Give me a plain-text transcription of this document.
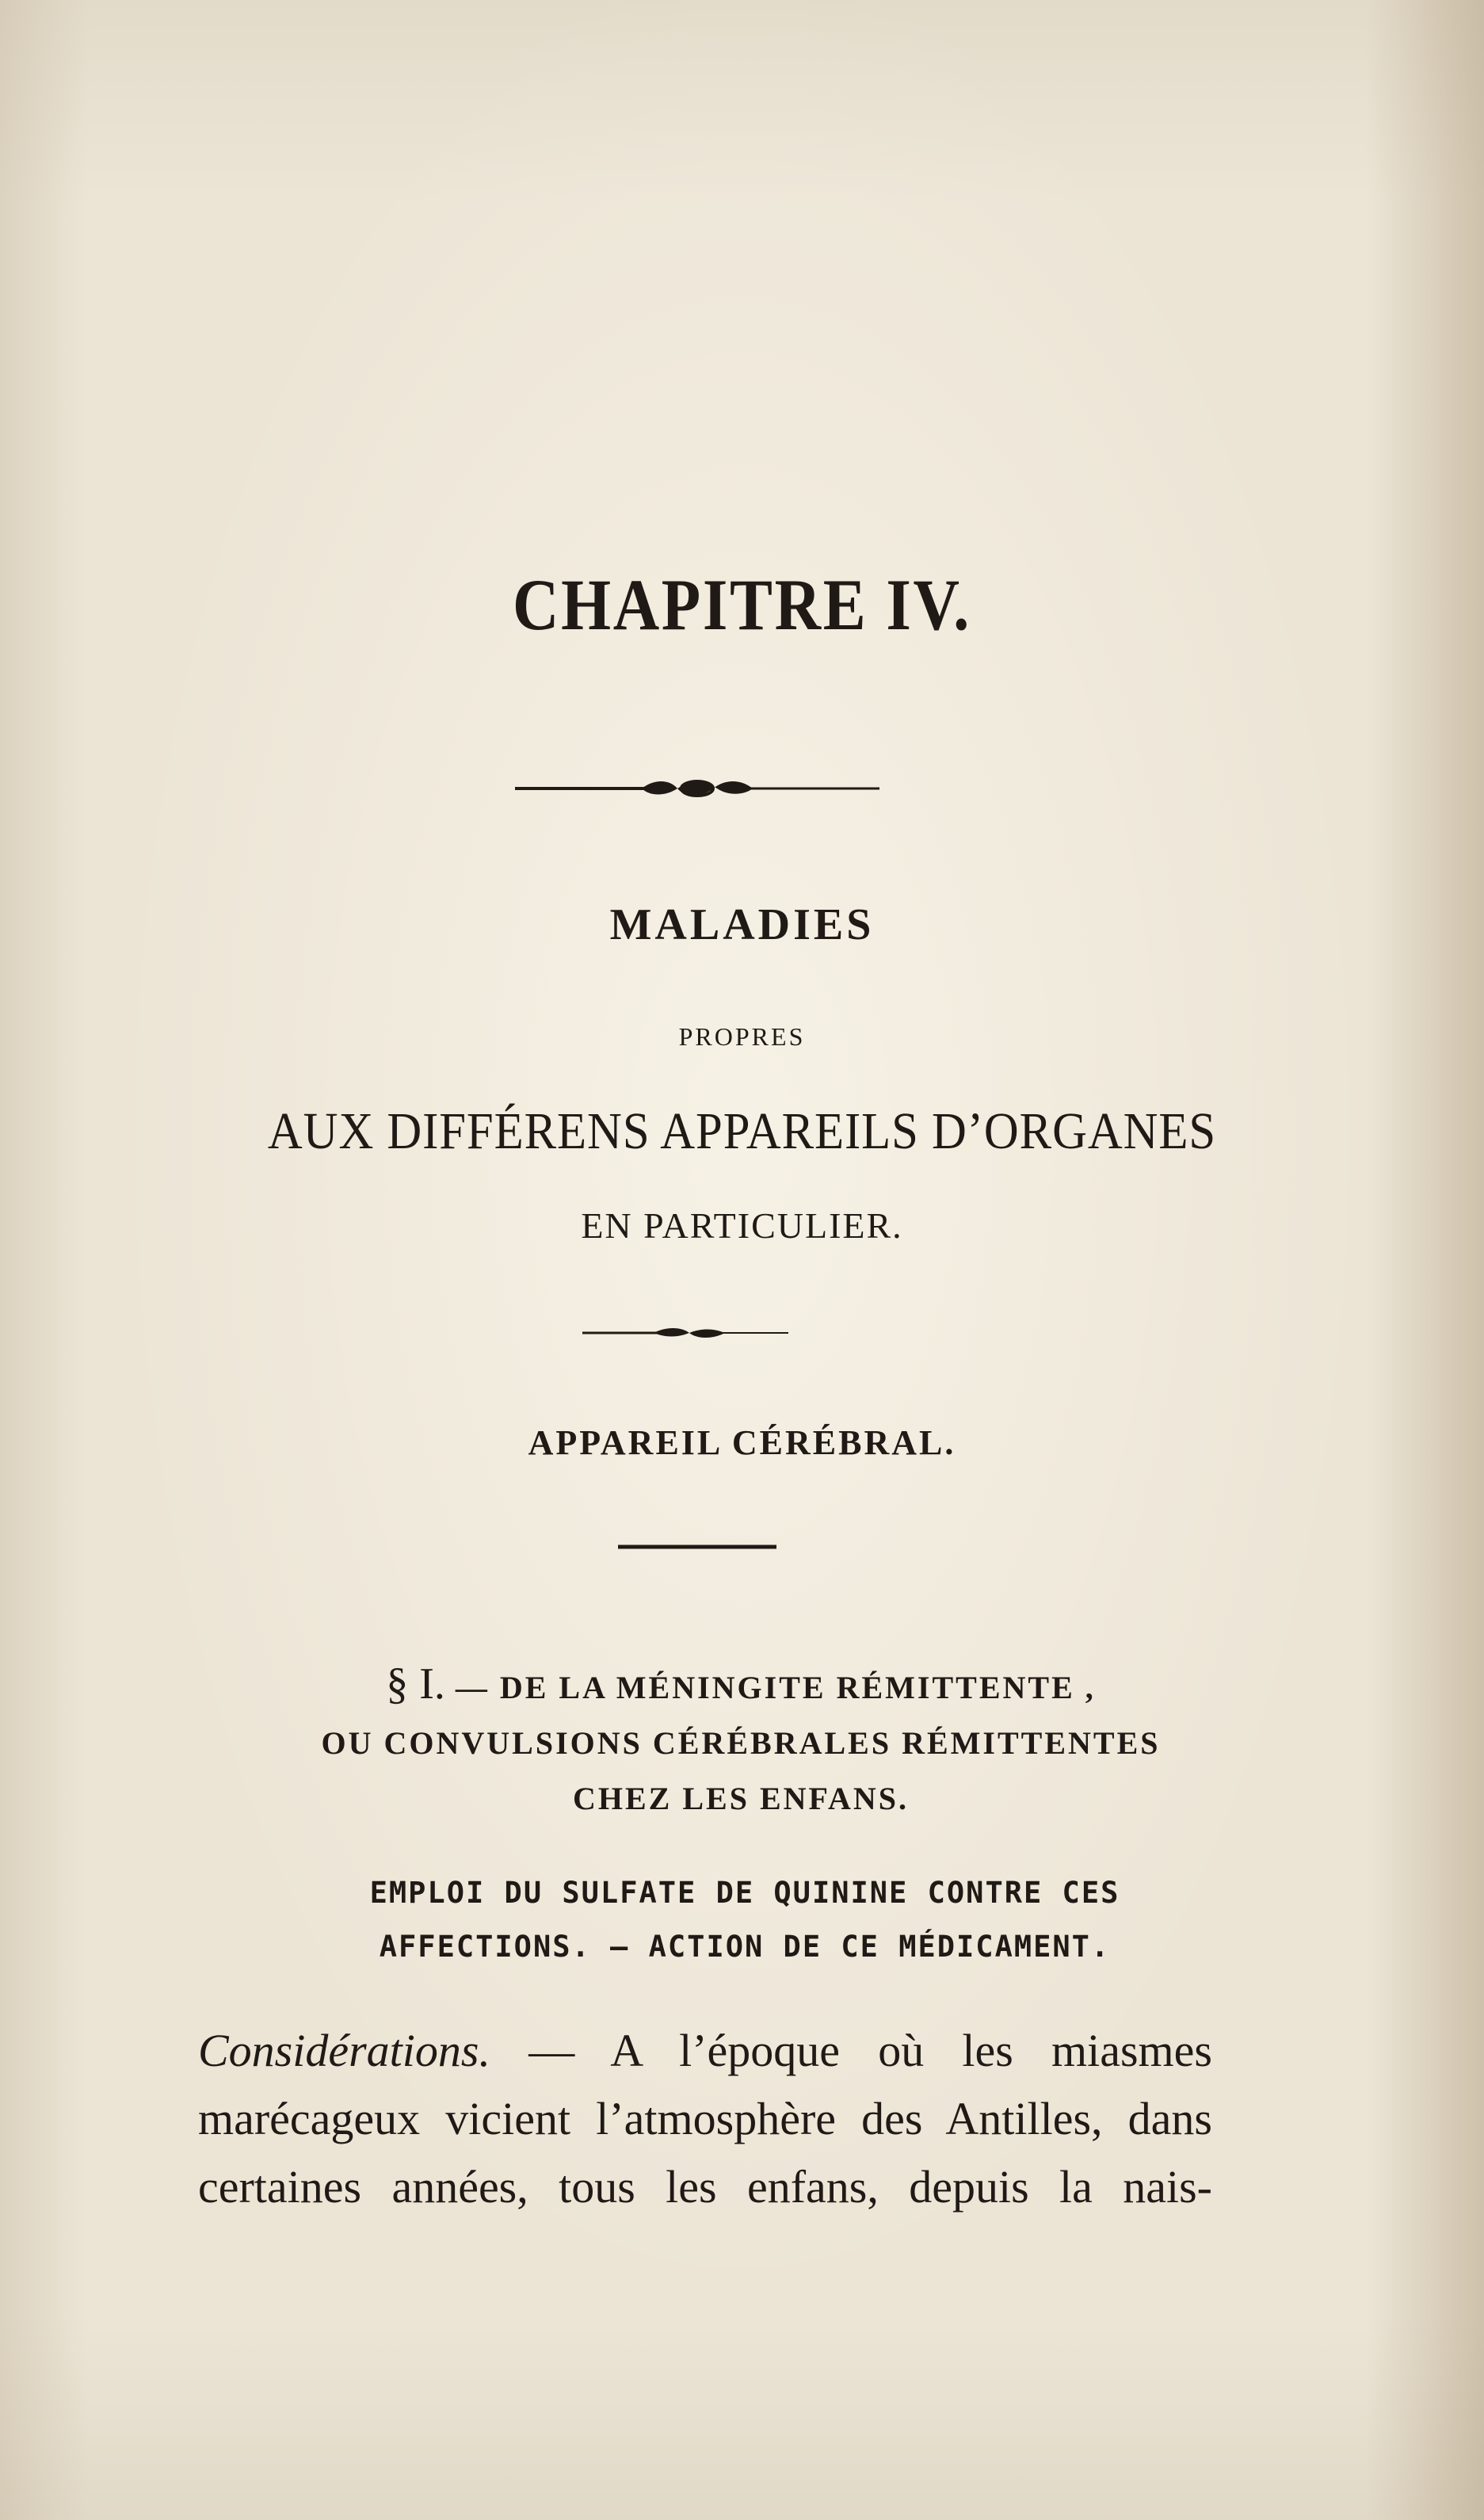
CHAPITRE IV.
MALADIES
PROPRES
AUX DIFFÉRENS APPAREILS D’ORGANES
EN PARTICULIER.
APPAREIL CÉRÉBRAL.
§ I. — DE LA MÉNINGITE RÉMITTENTE ,
OU CONVULSIONS CÉRÉBRALES RÉMITTENTES
CHEZ LES ENFANS.
EMPLOI DU SULFATE DE QUININE CONTRE CES
AFFECTIONS. — ACTION DE CE MÉDICAMENT.
Considérations. — A l’époque où les miasmes
marécageux vicient l’atmosphère des Antilles, dans
certaines années, tous les enfans, depuis la nais-
